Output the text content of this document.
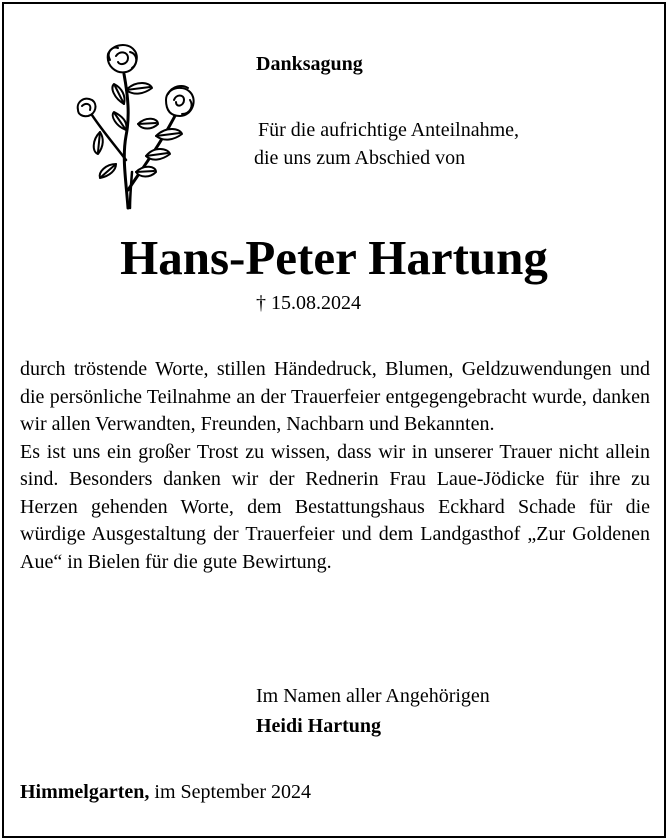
Danksagung
Für die aufrichtige Anteilnahme,
die uns zum Abschied von
Hans-Peter Hartung
† 15.08.2024

durch tröstende Worte, stillen Händedruck, Blumen, Geldzuwendungen und die persönliche Teilnahme an der Trauerfeier entgegengebracht wurde, danken wir allen Verwandten, Freunden, Nachbarn und Bekannten.

Es ist uns ein großer Trost zu wissen, dass wir in unserer Trauer nicht allein sind. Besonders danken wir der Rednerin Frau Laue-Jödicke für ihre zu Herzen gehenden Worte, dem Bestattungshaus Eckhard Schade für die würdige Ausgestaltung der Trauerfeier und dem Landgasthof „Zur Goldenen Aue“ in Bielen für die gute Bewirtung.

Im Namen aller Angehörigen
Heidi Hartung
Himmelgarten, im September 2024
